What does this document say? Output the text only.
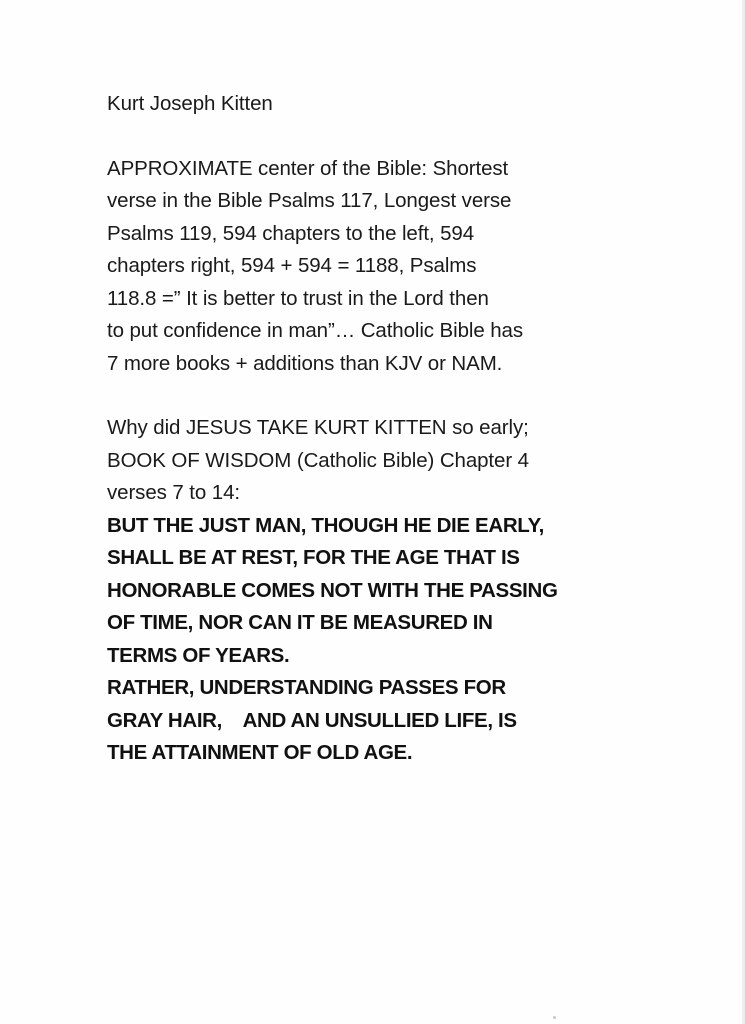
Kurt Joseph Kitten
APPROXIMATE center of the Bible: Shortest
verse in the Bible Psalms 117, Longest verse
Psalms 119, 594 chapters to the left, 594
chapters right, 594 + 594 = 1188, Psalms
118.8 =” It is better to trust in the Lord then
to put confidence in man”… Catholic Bible has
7 more books + additions than KJV or NAM.
Why did JESUS TAKE KURT KITTEN so early;
BOOK OF WISDOM (Catholic Bible) Chapter 4
verses 7 to 14:
BUT THE JUST MAN, THOUGH HE DIE EARLY,
SHALL BE AT REST, FOR THE AGE THAT IS
HONORABLE COMES NOT WITH THE PASSING
OF TIME, NOR CAN IT BE MEASURED IN
TERMS OF YEARS.
RATHER, UNDERSTANDING PASSES FOR
GRAY HAIR,    AND AN UNSULLIED LIFE, IS
THE ATTAINMENT OF OLD AGE.
